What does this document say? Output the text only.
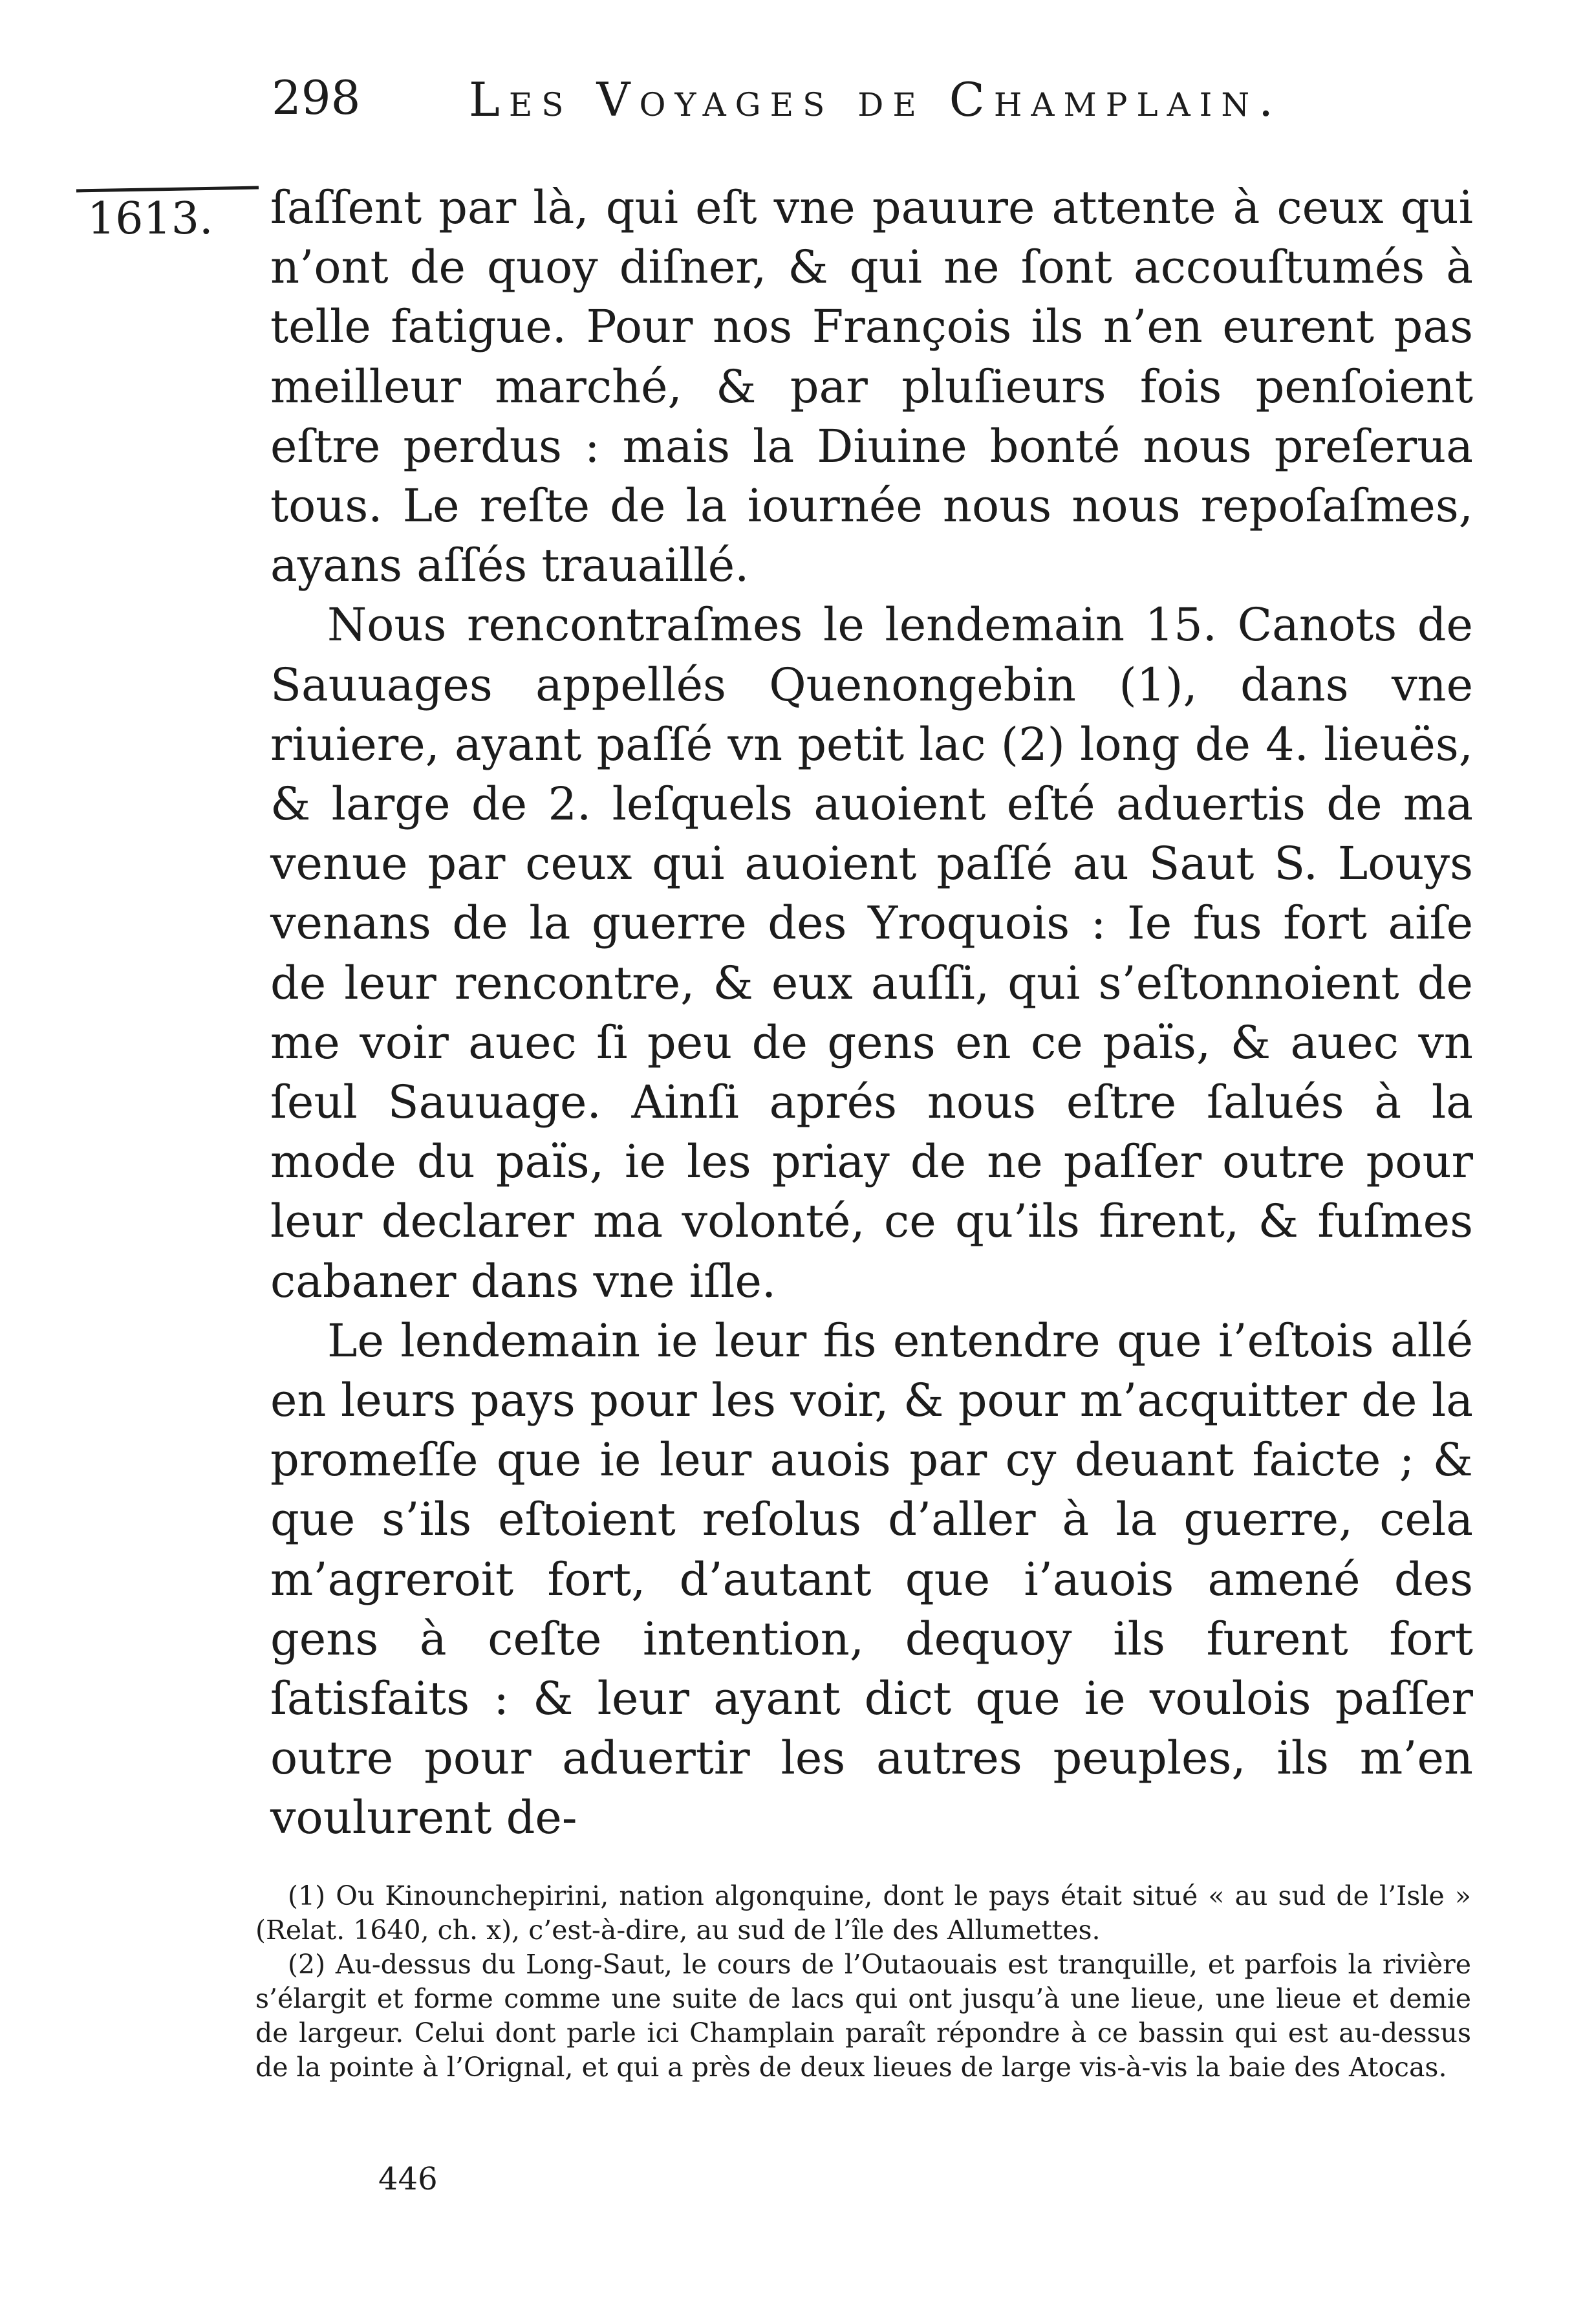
298 Les Voyages de Champlain.
1613. ſaſſent par là, qui eſt vne pauure attente à ceux qui n’ont de quoy diſner, & qui ne ſont accouſtumés à telle fatigue. Pour nos François ils n’en eurent pas meilleur marché, & par pluſieurs fois penſoient eſtre perdus : mais la Diuine bonté nous preſerua tous. Le reſte de la iournée nous nous repoſaſmes, ayans aſſés trauaillé.

Nous rencontraſmes le lendemain 15. Canots de Sauuages appellés Quenongebin (1), dans vne riuiere, ayant paſſé vn petit lac (2) long de 4. lieuës, & large de 2. leſquels auoient eſté aduertis de ma venue par ceux qui auoient paſſé au Saut S. Louys venans de la guerre des Yroquois : Ie fus fort aiſe de leur rencontre, & eux auſſi, qui s’eſtonnoient de me voir auec ſi peu de gens en ce païs, & auec vn ſeul Sauuage. Ainſi aprés nous eſtre ſalués à la mode du païs, ie les priay de ne paſſer outre pour leur declarer ma volonté, ce qu’ils firent, & fuſmes cabaner dans vne iſle.

Le lendemain ie leur fis entendre que i’eſtois allé en leurs pays pour les voir, & pour m’acquitter de la promeſſe que ie leur auois par cy deuant faicte ; & que s’ils eſtoient reſolus d’aller à la guerre, cela m’agreroit fort, d’autant que i’auois amené des gens à ceſte intention, dequoy ils furent fort ſatisfaits : & leur ayant dict que ie voulois paſſer outre pour aduertir les autres peuples, ils m’en voulurent de-

(1) Ou Kinounchepirini, nation algonquine, dont le pays était situé « au sud de l’Isle » (Relat. 1640, ch. x), c’est-à-dire, au sud de l’île des Allumettes.

(2) Au-dessus du Long-Saut, le cours de l’Outaouais est tranquille, et parfois la rivière s’élargit et forme comme une suite de lacs qui ont jusqu’à une lieue, une lieue et demie de largeur. Celui dont parle ici Champlain paraît répondre à ce bassin qui est au-dessus de la pointe à l’Orignal, et qui a près de deux lieues de large vis-à-vis la baie des Atocas.

446
